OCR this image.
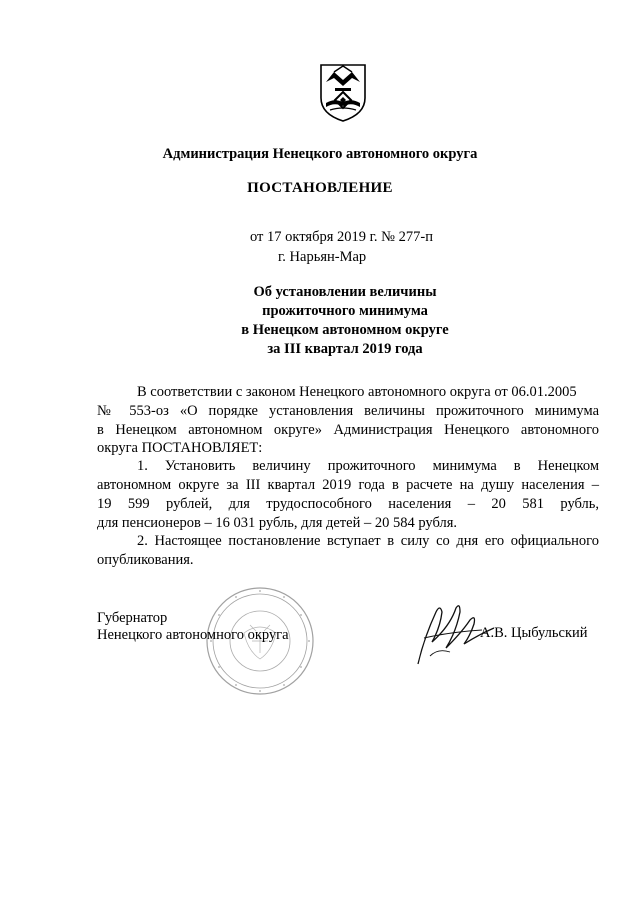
Администрация Ненецкого автономного округа
ПОСТАНОВЛЕНИЕ
от 17 октября 2019 г. № 277-п
г. Нарьян-Мар
Об установлении величины
прожиточного минимума
в Ненецком автономном округе
за III квартал 2019 года
В соответствии с законом Ненецкого автономного округа от 06.01.2005
№ 553-оз «О порядке установления величины прожиточного минимума
в Ненецком автономном округе» Администрация Ненецкого автономного
округа ПОСТАНОВЛЯЕТ:
1. Установить величину прожиточного минимума в Ненецком
автономном округе за III квартал 2019 года в расчете на душу населения –
19 599 рублей, для трудоспособного населения – 20 581 рубль,
для пенсионеров – 16 031 рубль, для детей – 20 584 рубля.
2. Настоящее постановление вступает в силу со дня его официального
опубликования.
Губернатор
Ненецкого автономного округа	А.В. Цыбульский
